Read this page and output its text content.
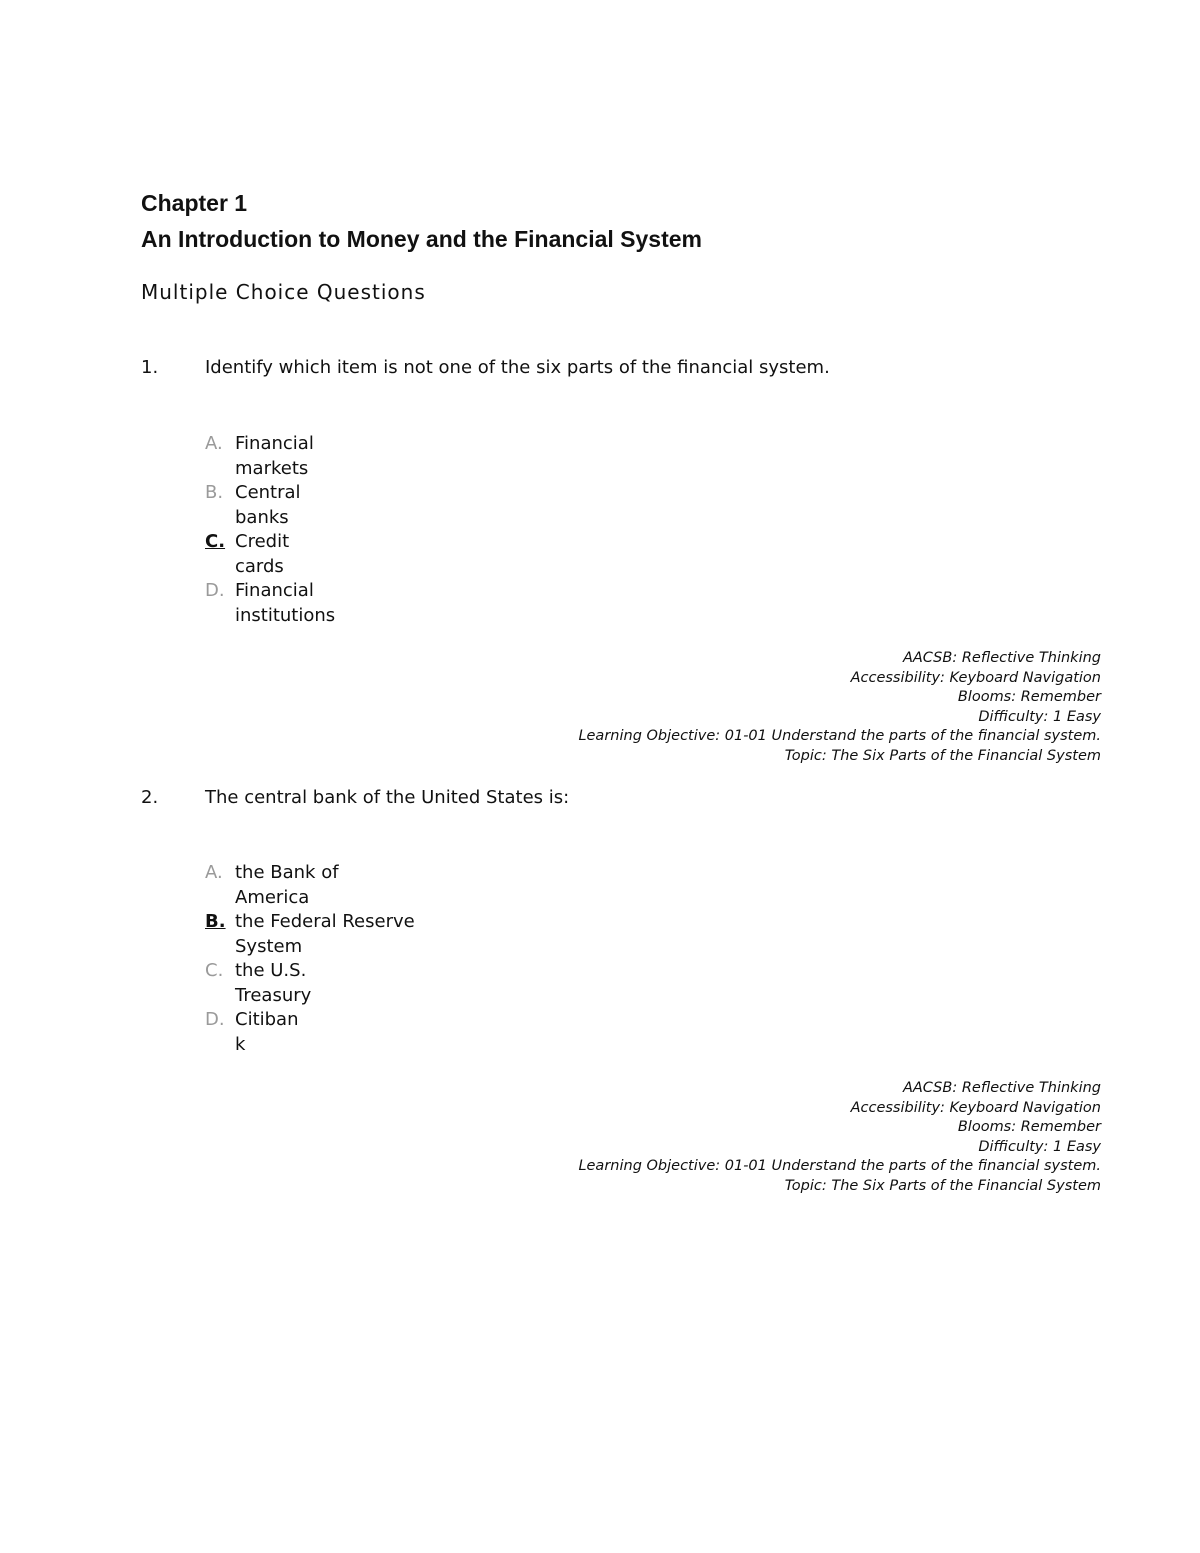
Chapter 1
An Introduction to Money and the Financial System
Multiple Choice Questions
1.	Identify which item is not one of the six parts of the financial system.
A. Financial
markets
B. Central
banks
C. Credit
cards
D. Financial
institutions
AACSB: Reflective Thinking
Accessibility: Keyboard Navigation
Blooms: Remember
Difficulty: 1 Easy
Learning Objective: 01-01 Understand the parts of the financial system.
Topic: The Six Parts of the Financial System
2.	The central bank of the United States is:
A. the Bank of
America
B. the Federal Reserve
System
C. the U.S.
Treasury
D. Citiban
k
AACSB: Reflective Thinking
Accessibility: Keyboard Navigation
Blooms: Remember
Difficulty: 1 Easy
Learning Objective: 01-01 Understand the parts of the financial system.
Topic: The Six Parts of the Financial System
